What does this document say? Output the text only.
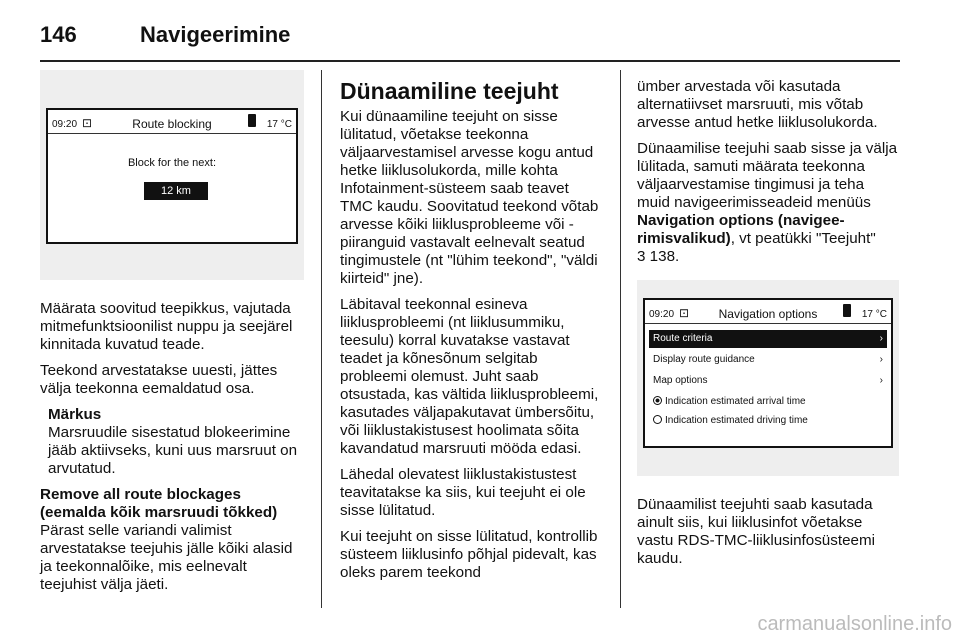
146	Navigeerimine
09:20 ⊡	Route blocking	17 °C
Block for the next:
12 km

Määrata soovitud teepikkus, vajutada mitmefunktsioonilist nuppu ja seejärel kinnitada kuvatud teade.

Teekond arvestatakse uuesti, jättes välja teekonna eemaldatud osa.

Märkus
Marsruudile sisestatud blokeerimine jääb aktiivseks, kuni uus marsruut on arvutatud.
Remove all route blockages (eemalda kõik marsruudi tõkked)

Pärast selle variandi valimist arvestatakse teejuhis jälle kõiki alasid ja teekonnalõike, mis eelnevalt teejuhist välja jäeti.

Dünaamiline teejuht

Kui dünaamiline teejuht on sisse lülitatud, võetakse teekonna väljaarvestamisel arvesse kogu antud hetke liiklusolukorda, mille kohta Infotainment-süsteem saab teavet TMC kaudu. Soovitatud teekond võtab arvesse kõiki liiklusprobleeme või -piiranguid vastavalt eelnevalt seatud tingimustele (nt "lühim teekond", "väldi kiirteid" jne).

Läbitaval teekonnal esineva liiklusprobleemi (nt liiklusummiku, teesulu) korral kuvatakse vastavat teadet ja kõnesõnum selgitab probleemi olemust. Juht saab otsustada, kas vältida liiklusprobleemi, kasutades väljapakutavat ümbersõitu, või liiklustakistusest hoolimata sõita kavandatud marsruuti mööda edasi.

Lähedal olevatest liiklustakistustest teavitatakse ka siis, kui teejuht ei ole sisse lülitatud.

Kui teejuht on sisse lülitatud, kontrollib süsteem liiklusinfo põhjal pidevalt, kas oleks parem teekond

ümber arvestada või kasutada alternatiivset marsruuti, mis võtab arvesse antud hetke liiklusolukorda.

Dünaamilise teejuhi saab sisse ja välja lülitada, samuti määrata teekonna väljaarvestamise tingimusi ja teha muid navigeerimisseadeid menüüs Navigation options (navigee-rimisvalikud), vt peatükki "Teejuht"
3 138.

09:20 ⊡	Navigation options	17 °C
Route criteria	›
Display route guidance	›
Map options	›
Indication estimated arrival time
Indication estimated driving time

Dünaamilist teejuhti saab kasutada ainult siis, kui liiklusinfot võetakse vastu RDS-TMC-liiklusinfosüsteemi kaudu.

carmanualsonline.info
